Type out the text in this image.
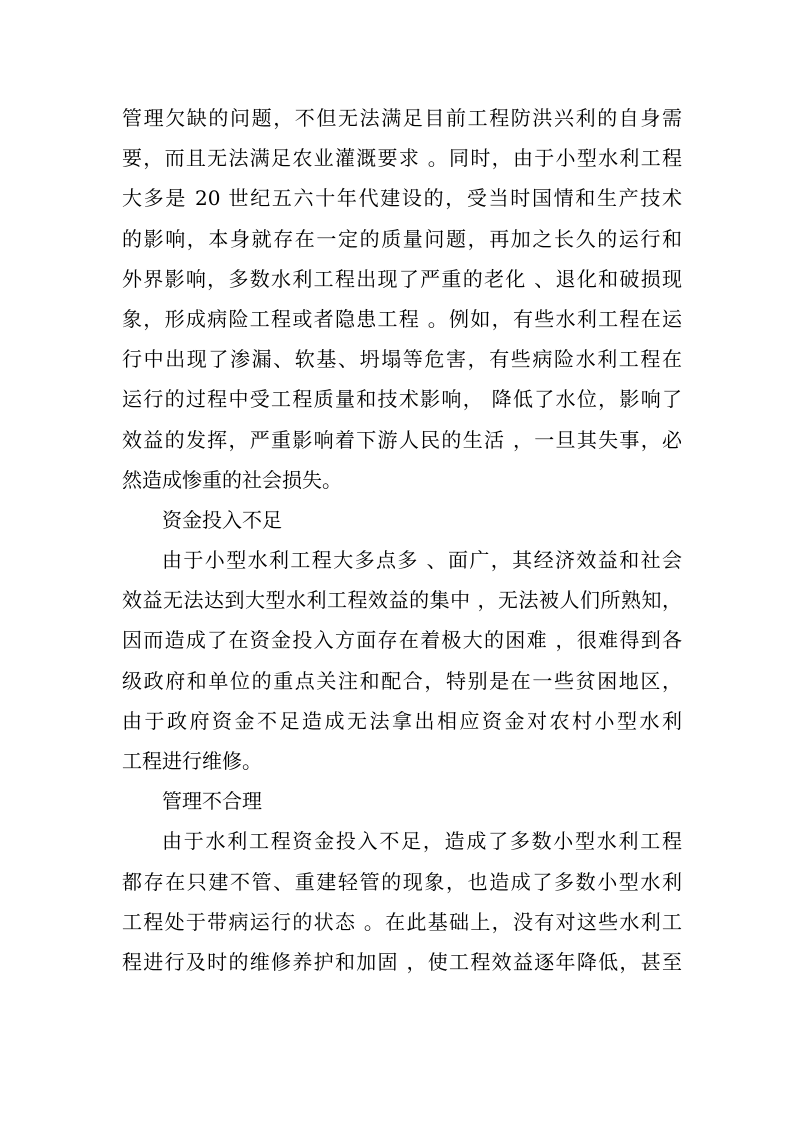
管理欠缺的问题，不但无法满足目前工程防洪兴利的自身需
要，而且无法满足农业灌溉要求 。同时，由于小型水利工程
大多是 20 世纪五六十年代建设的，受当时国情和生产技术
的影响，本身就存在一定的质量问题，再加之长久的运行和
外界影响，多数水利工程出现了严重的老化 、退化和破损现
象，形成病险工程或者隐患工程 。例如，有些水利工程在运
行中出现了渗漏、软基、坍塌等危害，有些病险水利工程在
运行的过程中受工程质量和技术影响， 降低了水位，影响了
效益的发挥，严重影响着下游人民的生活 ，一旦其失事，必
然造成惨重的社会损失。
资金投入不足
由于小型水利工程大多点多 、面广，其经济效益和社会
效益无法达到大型水利工程效益的集中 ，无法被人们所熟知，
因而造成了在资金投入方面存在着极大的困难 ，很难得到各
级政府和单位的重点关注和配合，特别是在一些贫困地区，
由于政府资金不足造成无法拿出相应资金对农村小型水利
工程进行维修。
管理不合理
由于水利工程资金投入不足，造成了多数小型水利工程
都存在只建不管、重建轻管的现象，也造成了多数小型水利
工程处于带病运行的状态 。在此基础上，没有对这些水利工
程进行及时的维修养护和加固 ，使工程效益逐年降低，甚至
